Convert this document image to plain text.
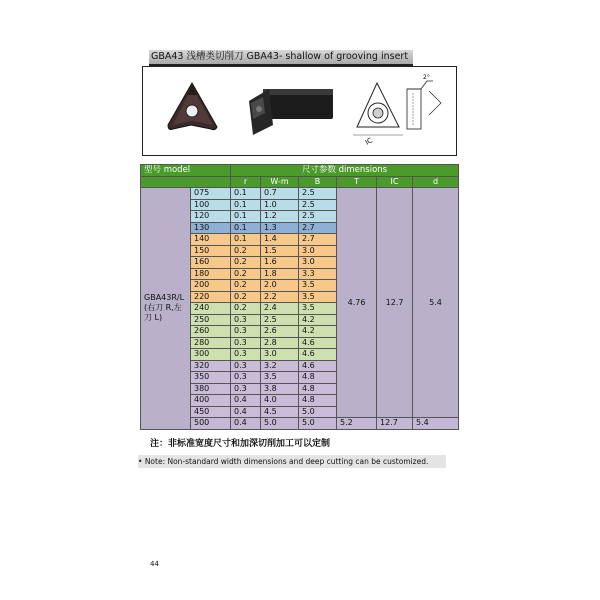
GBA43 浅槽类切削刀 GBA43- shallow of grooving insert
IC
2°
型号 model		尺寸参数 dimensions					
		r	W-m	B	T	IC	d
GBA43R/L (右刀 R,左刀 L)	075	0.1	0.7	2.5	4.76	12.7	5.4
	100	0.1	1.0	2.5			
	120	0.1	1.2	2.5			
	130	0.1	1.3	2.7			
	140	0.1	1.4	2.7			
	150	0.2	1.5	3.0			
	160	0.2	1.6	3.0			
	180	0.2	1.8	3.3			
	200	0.2	2.0	3.5			
	220	0.2	2.2	3.5			
	240	0.2	2.4	3.5			
	250	0.3	2.5	4.2			
	260	0.3	2.6	4.2			
	280	0.3	2.8	4.6			
	300	0.3	3.0	4.6			
	320	0.3	3.2	4.6			
	350	0.3	3.5	4.8			
	380	0.3	3.8	4.8			
	400	0.4	4.0	4.8			
	450	0.4	4.5	5.0			
	500	0.4	5.0	5.0	5.2	12.7	5.4
注：非标准宽度尺寸和加深切削加工可以定制
• Note: Non-standard width dimensions and deep cutting can be customized.
44
